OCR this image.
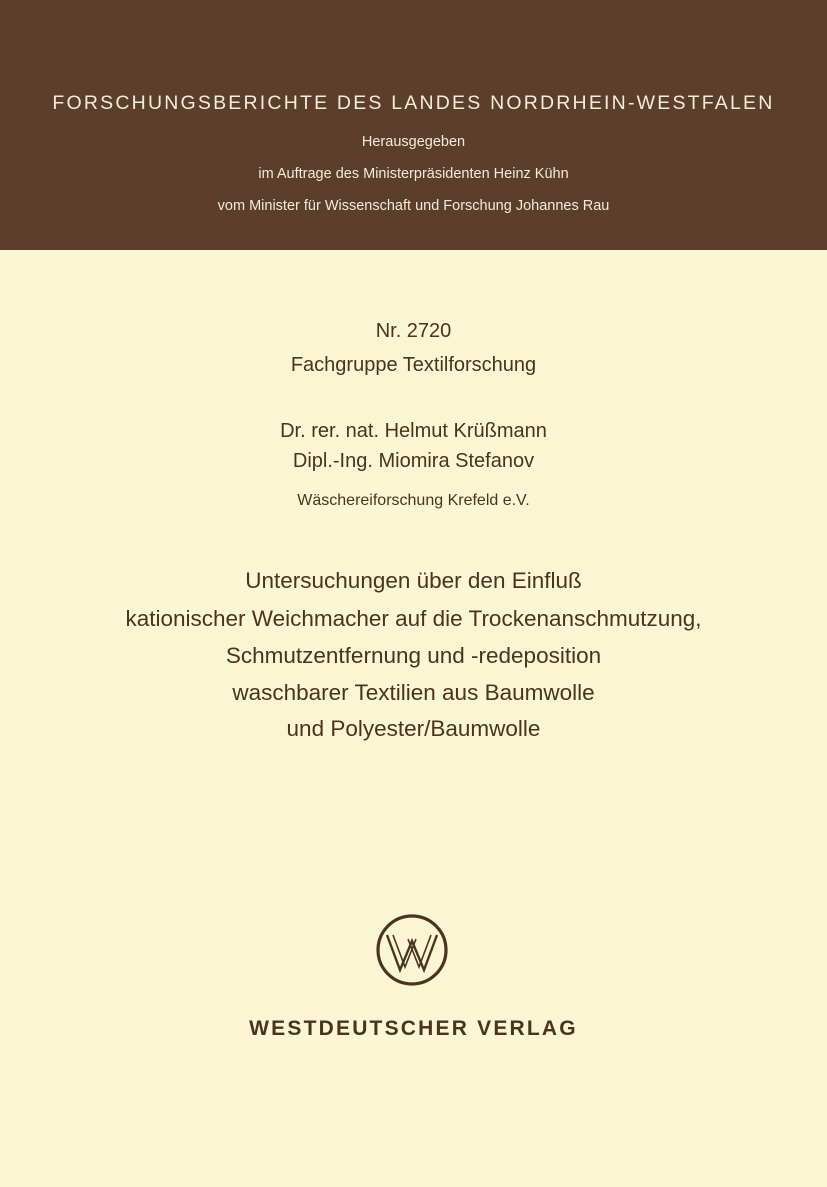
FORSCHUNGSBERICHTE DES LANDES NORDRHEIN-WESTFALEN
Herausgegeben
im Auftrage des Ministerpräsidenten Heinz Kühn
vom Minister für Wissenschaft und Forschung Johannes Rau
Nr. 2720
Fachgruppe Textilforschung
Dr. rer. nat. Helmut Krüßmann
Dipl.-Ing. Miomira Stefanov
Wäschereiforschung Krefeld e.V.
Untersuchungen über den Einfluß
kationischer Weichmacher auf die Trockenanschmutzung,
Schmutzentfernung und -redeposition
waschbarer Textilien aus Baumwolle
und Polyester/Baumwolle
WESTDEUTSCHER VERLAG
